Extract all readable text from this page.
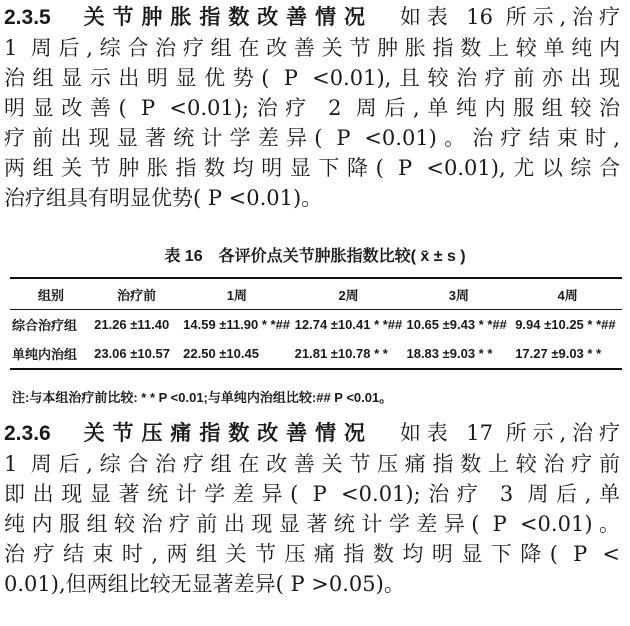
2.3.5　 关节肿胀指数改善情况　 如表 16 所示,治疗
1 周后,综合治疗组在改善关节肿胀指数上较单纯内
治组显示出明显优势( P <0.01),且较治疗前亦出现
明显改善( P <0.01);治疗 2 周后,单纯内服组较治
疗前出现显著统计学差异( P <0.01)。治疗结束时,
两组关节肿胀指数均明显下降( P <0.01),尤以综合
治疗组具有明显优势( P <0.01)。
表 16　各评价点关节肿胀指数比较( x̄ ± s )
组别	治疗前	1周	2周	3周	4周
综合治疗组	21.26 ±11.40	14.59 ±11.90 * *##	12.74 ±10.41 * *##	10.65 ±9.43 * *##	9.94 ±10.25 * *##
单纯内治组	23.06 ±10.57	22.50 ±10.45	21.81 ±10.78 * *	18.83 ±9.03 * *	17.27 ±9.03 * *
注:与本组治疗前比较: * * P <0.01;与单纯内治组比较:## P <0.01。
2.3.6　 关节压痛指数改善情况　 如表 17 所示,治疗
1 周后,综合治疗组在改善关节压痛指数上较治疗前
即出现显著统计学差异( P <0.01);治疗 3 周后,单
纯内服组较治疗前出现显著统计学差异( P <0.01)。
治疗结束时,两组关节压痛指数均明显下降( P <
0.01),但两组比较无显著差异( P >0.05)。
